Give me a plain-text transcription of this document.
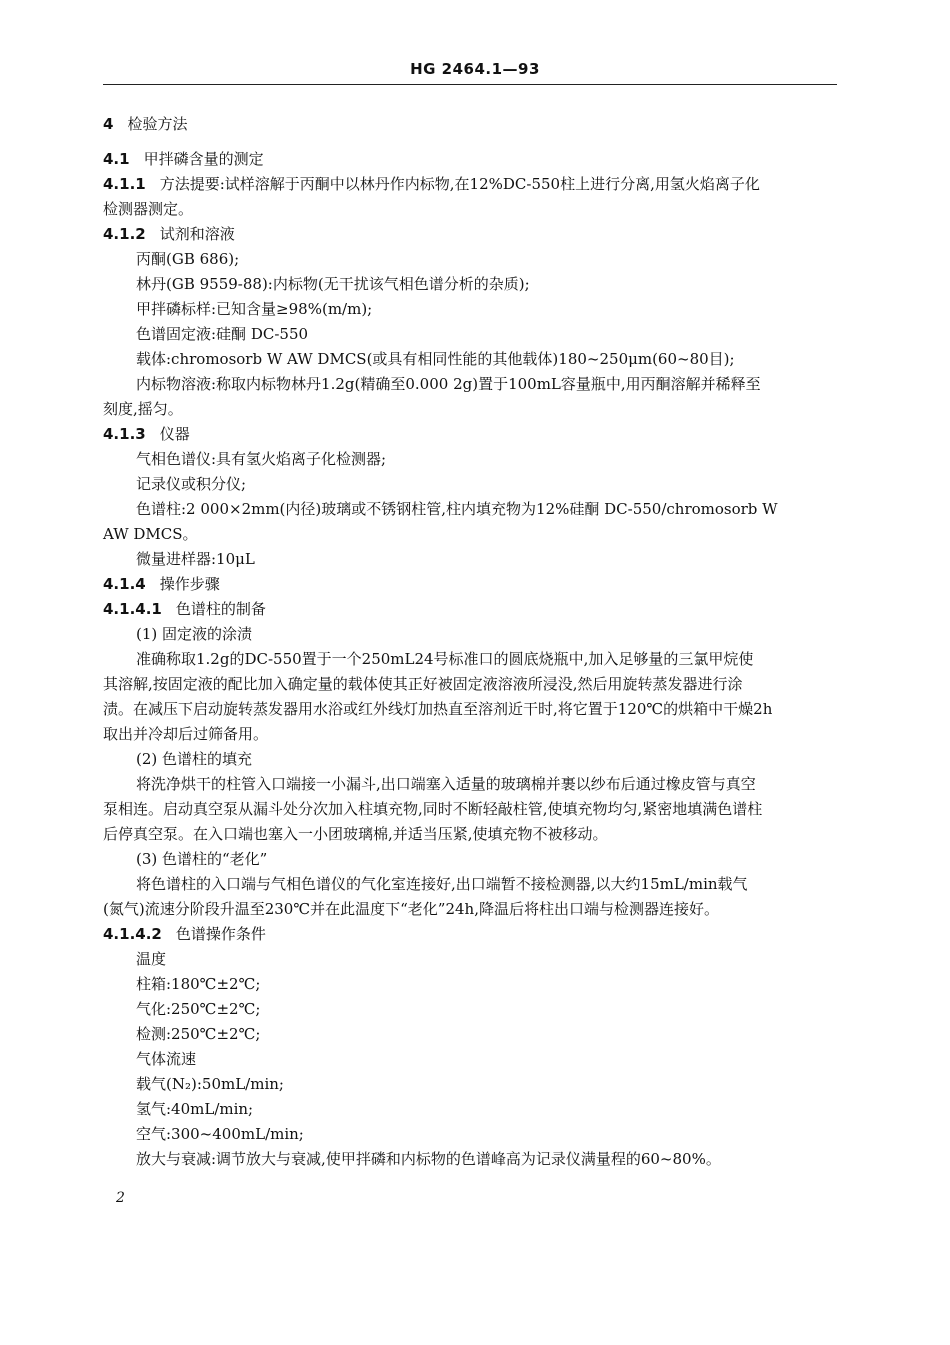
HG 2464.1—93
4 检验方法
4.1 甲拌磷含量的测定
4.1.1 方法提要:试样溶解于丙酮中以林丹作内标物,在12%DC-550柱上进行分离,用氢火焰离子化
检测器测定。
4.1.2 试剂和溶液
丙酮(GB 686);
林丹(GB 9559-88):内标物(无干扰该气相色谱分析的杂质);
甲拌磷标样:已知含量≥98%(m/m);
色谱固定液:硅酮 DC-550
载体:chromosorb W AW DMCS(或具有相同性能的其他载体)180~250μm(60~80目);
内标物溶液:称取内标物林丹1.2g(精确至0.000 2g)置于100mL容量瓶中,用丙酮溶解并稀释至
刻度,摇匀。
4.1.3 仪器
气相色谱仪:具有氢火焰离子化检测器;
记录仪或积分仪;
色谱柱:2 000×2mm(内径)玻璃或不锈钢柱管,柱内填充物为12%硅酮 DC-550/chromosorb W
AW DMCS。
微量进样器:10μL
4.1.4 操作步骤
4.1.4.1 色谱柱的制备
(1) 固定液的涂渍
准确称取1.2g的DC-550置于一个250mL24号标准口的圆底烧瓶中,加入足够量的三氯甲烷使
其溶解,按固定液的配比加入确定量的载体使其正好被固定液溶液所浸没,然后用旋转蒸发器进行涂
渍。在减压下启动旋转蒸发器用水浴或红外线灯加热直至溶剂近干时,将它置于120℃的烘箱中干燥2h
取出并冷却后过筛备用。
(2) 色谱柱的填充
将洗净烘干的柱管入口端接一小漏斗,出口端塞入适量的玻璃棉并裹以纱布后通过橡皮管与真空
泵相连。启动真空泵从漏斗处分次加入柱填充物,同时不断轻敲柱管,使填充物均匀,紧密地填满色谱柱
后停真空泵。在入口端也塞入一小团玻璃棉,并适当压紧,使填充物不被移动。
(3) 色谱柱的“老化”
将色谱柱的入口端与气相色谱仪的气化室连接好,出口端暂不接检测器,以大约15mL/min载气
(氮气)流速分阶段升温至230℃并在此温度下“老化”24h,降温后将柱出口端与检测器连接好。
4.1.4.2 色谱操作条件
温度
柱箱:180℃±2℃;
气化:250℃±2℃;
检测:250℃±2℃;
气体流速
载气(N₂):50mL/min;
氢气:40mL/min;
空气:300~400mL/min;
放大与衰减:调节放大与衰减,使甲拌磷和内标物的色谱峰高为记录仪满量程的60~80%。
2
